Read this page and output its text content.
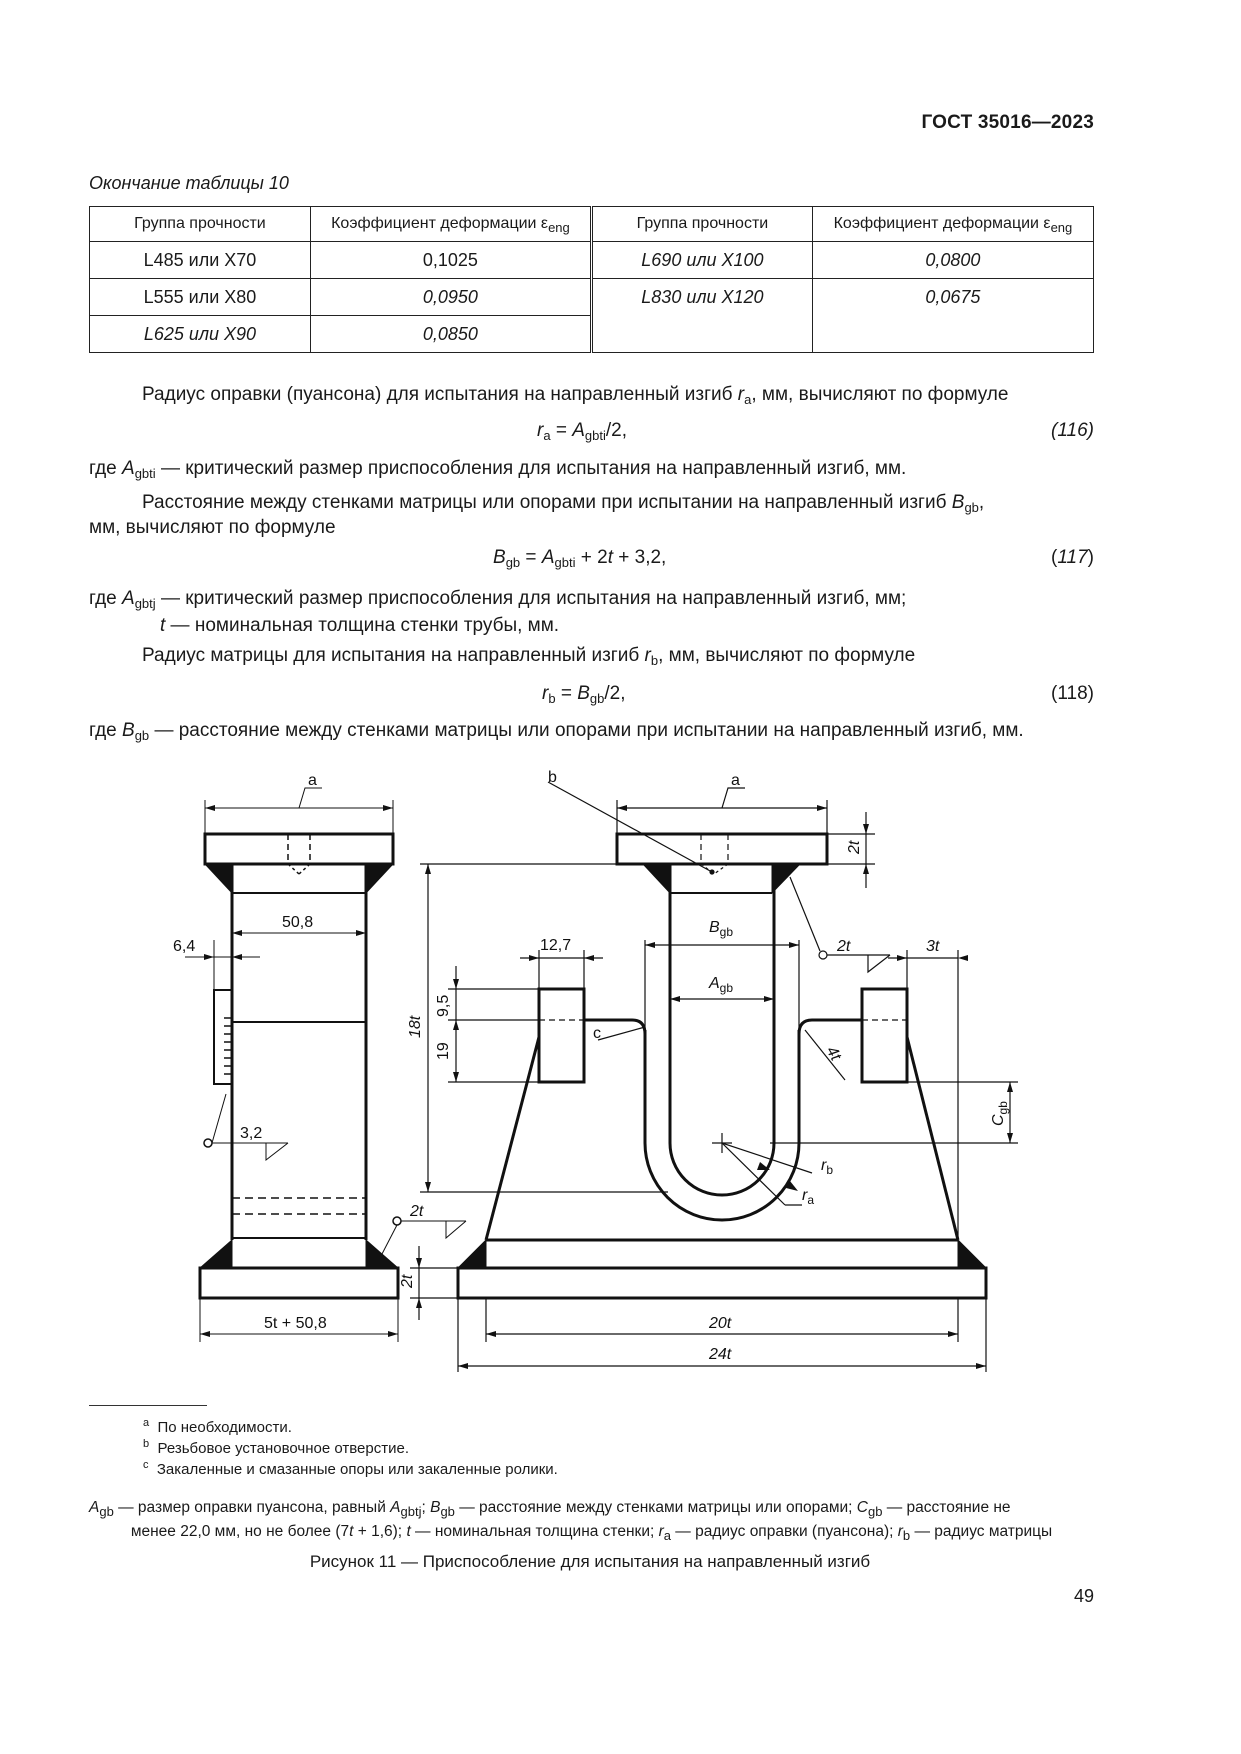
ГОСТ 35016—2023
Окончание таблицы 10
Группа прочности	Коэффициент деформации $\varepsilon_{eng}$	Группа прочности	Коэффициент деформации $\varepsilon_{eng}$
L485 или X70	0,1025	L690 или X100	0,0800
L555 или X80	0,0950	L830 или X120	0,0675
L625 или X90	0,0850		
Радиус оправки (пуансона) для испытания на направленный изгиб $r_a$, мм, вычисляют по формуле
$r_a = A_{gbti}/2$,	(116)
где $A_{gbti}$ — критический размер приспособления для испытания на направленный изгиб, мм.
Расстояние между стенками матрицы или опорами при испытании на направленный изгиб $B_{gb}$,
мм, вычисляют по формуле
$B_{gb} = A_{gbti} + 2t + 3,2$,	(117)
где $A_{gbtj}$ — критический размер приспособления для испытания на направленный изгиб, мм;
t — номинальная толщина стенки трубы, мм.
Радиус матрицы для испытания на направленный изгиб $r_b$, мм, вычисляют по формуле
$r_b = B_{gb}/2$,	(118)
где $B_{gb}$ — расстояние между стенками матрицы или опорами при испытании на направленный изгиб, мм.
a
50,8
6,4
3,2
5t + 50,8
2t
b	a
2t
18t
$B_{gb}$
$A_{gb}$
12,7
9,5
19
c
2t	3t
4t
$C_{gb}$
$r_b$
$r_a$
2t
20t
24t
$^a$ По необходимости.
$^b$ Резьбовое установочное отверстие.
$^c$ Закаленные и смазанные опоры или закаленные ролики.
$A_{gb}$ — размер оправки пуансона, равный $A_{gbtj}$; $B_{gb}$ — расстояние между стенками матрицы или опорами; $C_{gb}$ — расстояние не
менее 22,0 мм, но не более (7t + 1,6); t — номинальная толщина стенки; $r_a$ — радиус оправки (пуансона); $r_b$ — радиус матрицы
Рисунок 11 — Приспособление для испытания на направленный изгиб
49
